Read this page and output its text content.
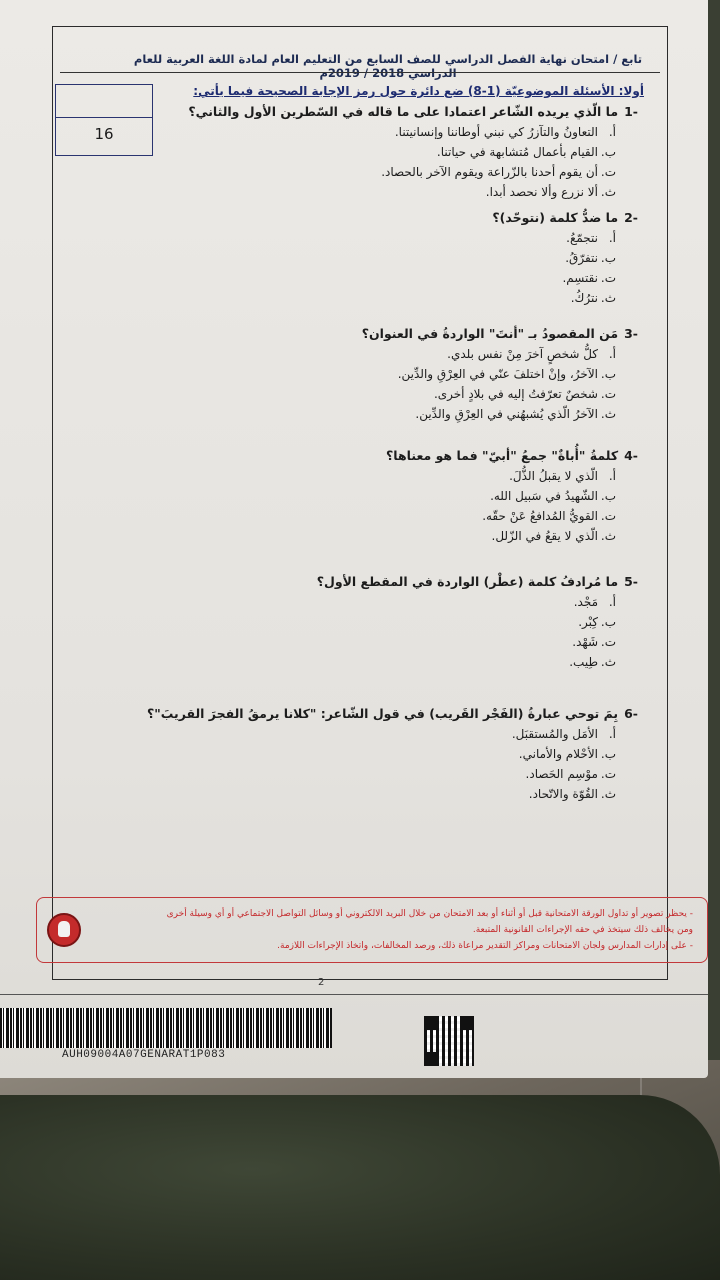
تابع / امتحان نهاية الفصل الدراسي للصف السابع من التعليم العام لمادة اللغة العربية للعام الدراسي 2018 / 2019م
أولا: الأسئلة الموضوعيّة (1-8) ضع دائرة حول رمز الإجابة الصحيحة فيما يأتي:
16
-1ما الّذي يريده الشّاعر اعتمادا على ما قاله في السّطرين الأول والثاني؟
أ.التعاونُ والتآزرُ كي نبني أوطاننا وإنسانيتنا.
ب.القيام بأعمال مُتشابهة في حياتنا.
ت.أن يقوم أحدنا بالزّراعة ويقوم الآخر بالحصاد.
ث.ألا نزرع وألا نحصد أبدا.
-2ما ضدُّ كلمة (نتوحّد)؟
أ.نتجمّعُ.
ب.نتفرّقُ.
ت.نقتسِم.
ث.نترُكُ.
-3مَن المقصودُ بـ "أنتَ" الواردةُ في العنوان؟
أ.كلُّ شخصٍ آخرَ مِنْ نفس بلدي.
ب.الآخرُ، وإنْ اختلفَ عنّي في العِرْقِ والدِّين.
ت.شخصٌ تعرّفتُ إليه في بلادٍ أخرى.
ث.الآخرُ الّذي يُشبهُني في العِرْقِ والدِّين.
-4كلمةُ "أُباةٌ" جمعُ "أبيّ" فما هو معناها؟
أ.الّذي لا يقبلُ الذُّلَ.
ب.الشّهيدُ في سَبيل الله.
ت.القويُّ المُدافعُ عَنْ حقّه.
ث.الّذي لا يقعُ في الزّلل.
-5ما مُرادفُ كلمة (عطْر) الواردة في المقطع الأول؟
أ.مَجْد.
ب.كِبْر.
ت.شَهْد.
ث.طِيب.
-6بِمَ توحي عبارةُ (الفَجْر القَريب) في قول الشّاعر: "كلانا يرمقُ الفجرَ القريبَ"؟
أ.الأمَل والمُستقبَل.
ب.الأحْلام والأماني.
ت.موْسِم الحَصاد.
ث.القُوّة والاتّحاد.
- يحظر تصوير أو تداول الورقة الامتحانية قبل أو أثناء أو بعد الامتحان من خلال البريد الالكتروني أو وسائل التواصل الاجتماعي أو أي وسيلة أخرى
ومن يخالف ذلك سيتخذ في حقه الإجراءات القانونية المتبعة.
- على إدارات المدارس ولجان الامتحانات ومراكز التقدير مراعاة ذلك، ورصد المخالفات، واتخاذ الإجراءات اللازمة.
2
AUH09004A07GENARAT1P083
